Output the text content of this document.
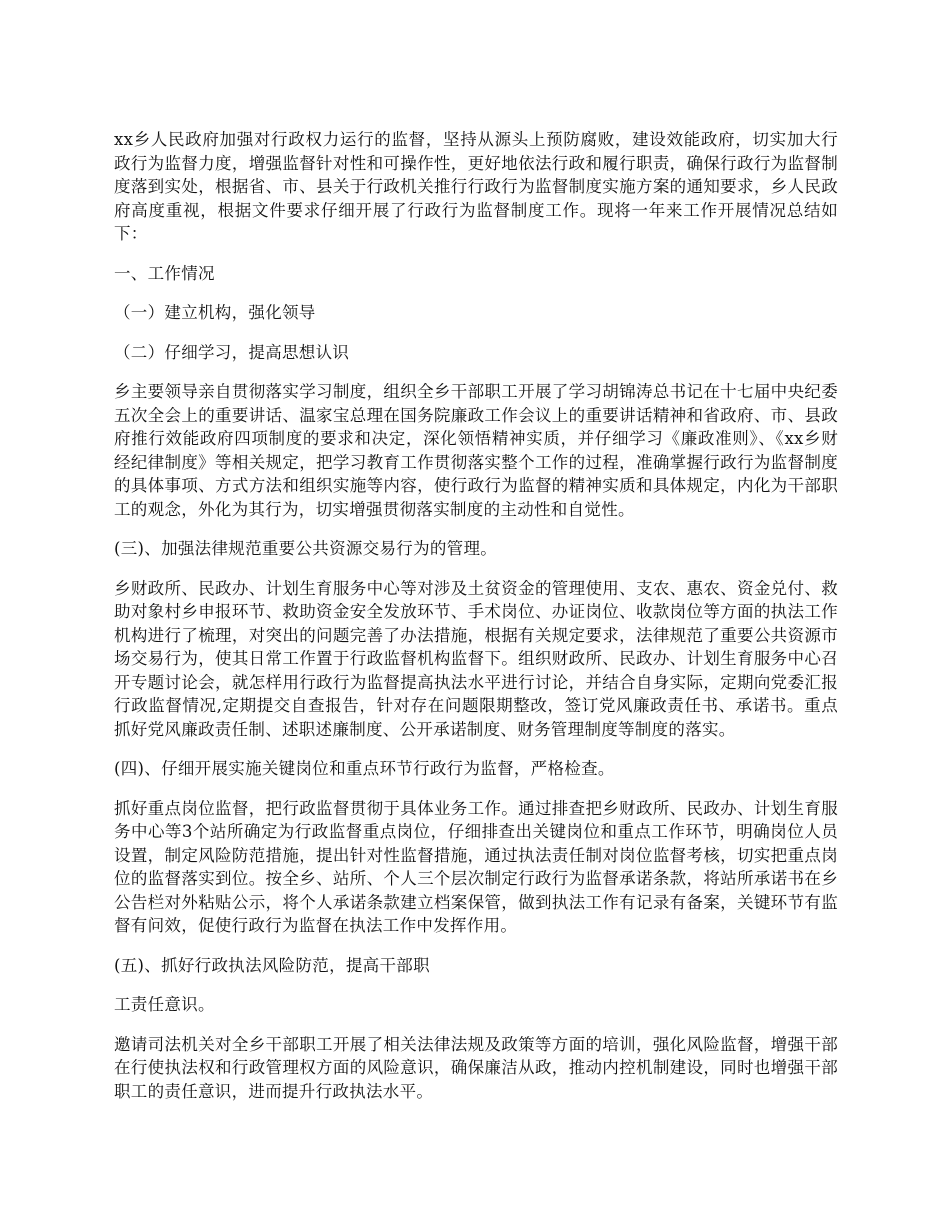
xx乡人民政府加强对行政权力运行的监督，坚持从源头上预防腐败，建设效能政府，切实加大行政行为监督力度，增强监督针对性和可操作性，更好地依法行政和履行职责，确保行政行为监督制度落到实处，根据省、市、县关于行政机关推行行政行为监督制度实施方案的通知要求，乡人民政府高度重视，根据文件要求仔细开展了行政行为监督制度工作。现将一年来工作开展情况总结如下：

一、工作情况

（一）建立机构，强化领导

（二）仔细学习，提高思想认识

乡主要领导亲自贯彻落实学习制度，组织全乡干部职工开展了学习胡锦涛总书记在十七届中央纪委五次全会上的重要讲话、温家宝总理在国务院廉政工作会议上的重要讲话精神和省政府、市、县政府推行效能政府四项制度的要求和决定，深化领悟精神实质，并仔细学习《廉政准则》、《xx乡财经纪律制度》等相关规定，把学习教育工作贯彻落实整个工作的过程，准确掌握行政行为监督制度的具体事项、方式方法和组织实施等内容，使行政行为监督的精神实质和具体规定，内化为干部职工的观念，外化为其行为，切实增强贯彻落实制度的主动性和自觉性。

(三)、加强法律规范重要公共资源交易行为的管理。

乡财政所、民政办、计划生育服务中心等对涉及土贫资金的管理使用、支农、惠农、资金兑付、救助对象村乡申报环节、救助资金安全发放环节、手术岗位、办证岗位、收款岗位等方面的执法工作机构进行了梳理，对突出的问题完善了办法措施，根据有关规定要求，法律规范了重要公共资源市场交易行为，使其日常工作置于行政监督机构监督下。组织财政所、民政办、计划生育服务中心召开专题讨论会，就怎样用行政行为监督提高执法水平进行讨论，并结合自身实际，定期向党委汇报行政监督情况,定期提交自查报告，针对存在问题限期整改，签订党风廉政责任书、承诺书。重点抓好党风廉政责任制、述职述廉制度、公开承诺制度、财务管理制度等制度的落实。

(四)、仔细开展实施关键岗位和重点环节行政行为监督，严格检查。

抓好重点岗位监督，把行政监督贯彻于具体业务工作。通过排查把乡财政所、民政办、计划生育服务中心等3个站所确定为行政监督重点岗位，仔细排查出关键岗位和重点工作环节，明确岗位人员设置，制定风险防范措施，提出针对性监督措施，通过执法责任制对岗位监督考核，切实把重点岗位的监督落实到位。按全乡、站所、个人三个层次制定行政行为监督承诺条款，将站所承诺书在乡公告栏对外粘贴公示，将个人承诺条款建立档案保管，做到执法工作有记录有备案，关键环节有监督有问效，促使行政行为监督在执法工作中发挥作用。

(五)、抓好行政执法风险防范，提高干部职

工责任意识。

邀请司法机关对全乡干部职工开展了相关法律法规及政策等方面的培训，强化风险监督，增强干部在行使执法权和行政管理权方面的风险意识，确保廉洁从政，推动内控机制建设，同时也增强干部职工的责任意识，进而提升行政执法水平。
